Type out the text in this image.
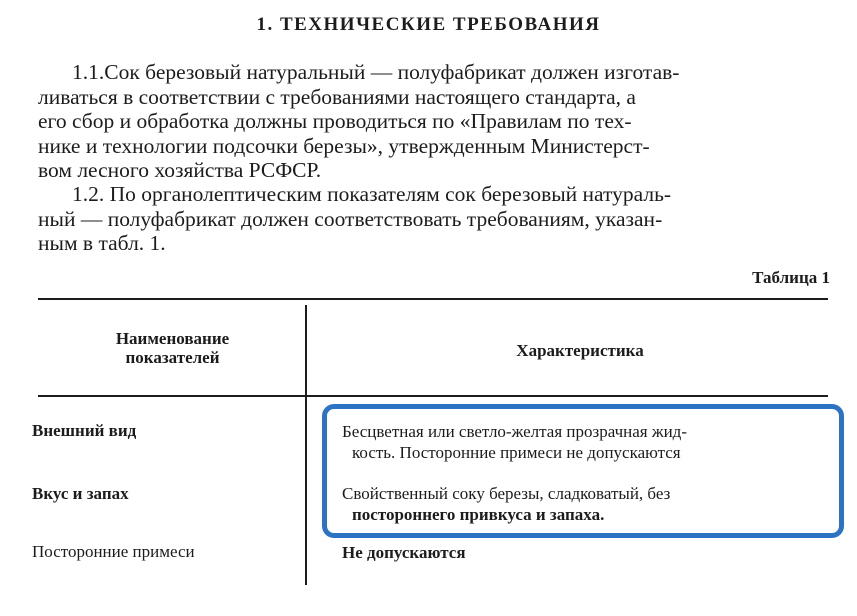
1. ТЕХНИЧЕСКИЕ ТРЕБОВАНИЯ
1.1.Сок березовый натуральный — полуфабрикат должен изготав-
ливаться в соответствии с требованиями настоящего стандарта, а
его сбор и обработка должны проводиться по «Правилам по тех-
нике и технологии подсочки березы», утвержденным Министерст-
вом лесного хозяйства РСФСР.
1.2. По органолептическим показателям сок березовый натураль-
ный — полуфабрикат должен соответствовать требованиям, указан-
ным в табл. 1.
Таблица 1
Наименование
показателей	Характеристика
Внешний вид	Бесцветная или светло-желтая прозрачная жид-
кость. Посторонние примеси не допускаются
Вкус и запах	Свойственный соку березы, сладковатый, без
постороннего привкуса и запаха.
Посторонние примеси	Не допускаются
